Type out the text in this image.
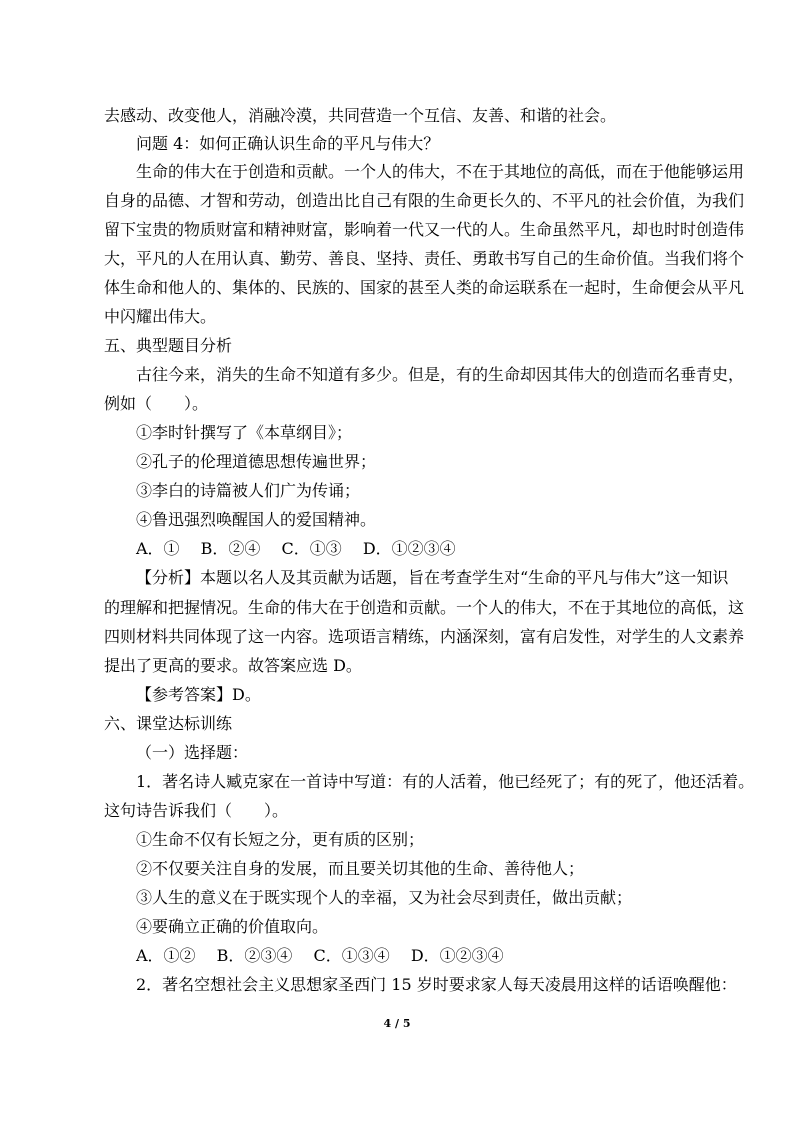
去感动、改变他人，消融冷漠，共同营造一个互信、友善、和谐的社会。
问题 4：如何正确认识生命的平凡与伟大？
生命的伟大在于创造和贡献。一个人的伟大，不在于其地位的高低，而在于他能够运用
自身的品德、才智和劳动，创造出比自己有限的生命更长久的、不平凡的社会价值，为我们
留下宝贵的物质财富和精神财富，影响着一代又一代的人。生命虽然平凡，却也时时创造伟
大，平凡的人在用认真、勤劳、善良、坚持、责任、勇敢书写自己的生命价值。当我们将个
体生命和他人的、集体的、民族的、国家的甚至人类的命运联系在一起时，生命便会从平凡
中闪耀出伟大。
五、典型题目分析
古往今来，消失的生命不知道有多少。但是，有的生命却因其伟大的创造而名垂青史，
例如（　　）。
①李时针撰写了《本草纲目》；
②孔子的伦理道德思想传遍世界；
③李白的诗篇被人们广为传诵；
④鲁迅强烈唤醒国人的爱国精神。
A．①　 B．②④　 C．①③　 D．①②③④
【分析】本题以名人及其贡献为话题，旨在考查学生对“生命的平凡与伟大”这一知识
的理解和把握情况。生命的伟大在于创造和贡献。一个人的伟大，不在于其地位的高低，这
四则材料共同体现了这一内容。选项语言精练，内涵深刻，富有启发性，对学生的人文素养
提出了更高的要求。故答案应选 D。
【参考答案】D。
六、课堂达标训练
（一）选择题：
1．著名诗人臧克家在一首诗中写道：有的人活着，他已经死了；有的死了，他还活着。
这句诗告诉我们（　　）。
①生命不仅有长短之分，更有质的区别；
②不仅要关注自身的发展，而且要关切其他的生命、善待他人；
③人生的意义在于既实现个人的幸福，又为社会尽到责任，做出贡献；
④要确立正确的价值取向。
A．①②　 B．②③④　 C．①③④　 D．①②③④
2．著名空想社会主义思想家圣西门 15 岁时要求家人每天凌晨用这样的话语唤醒他：
4 / 5
